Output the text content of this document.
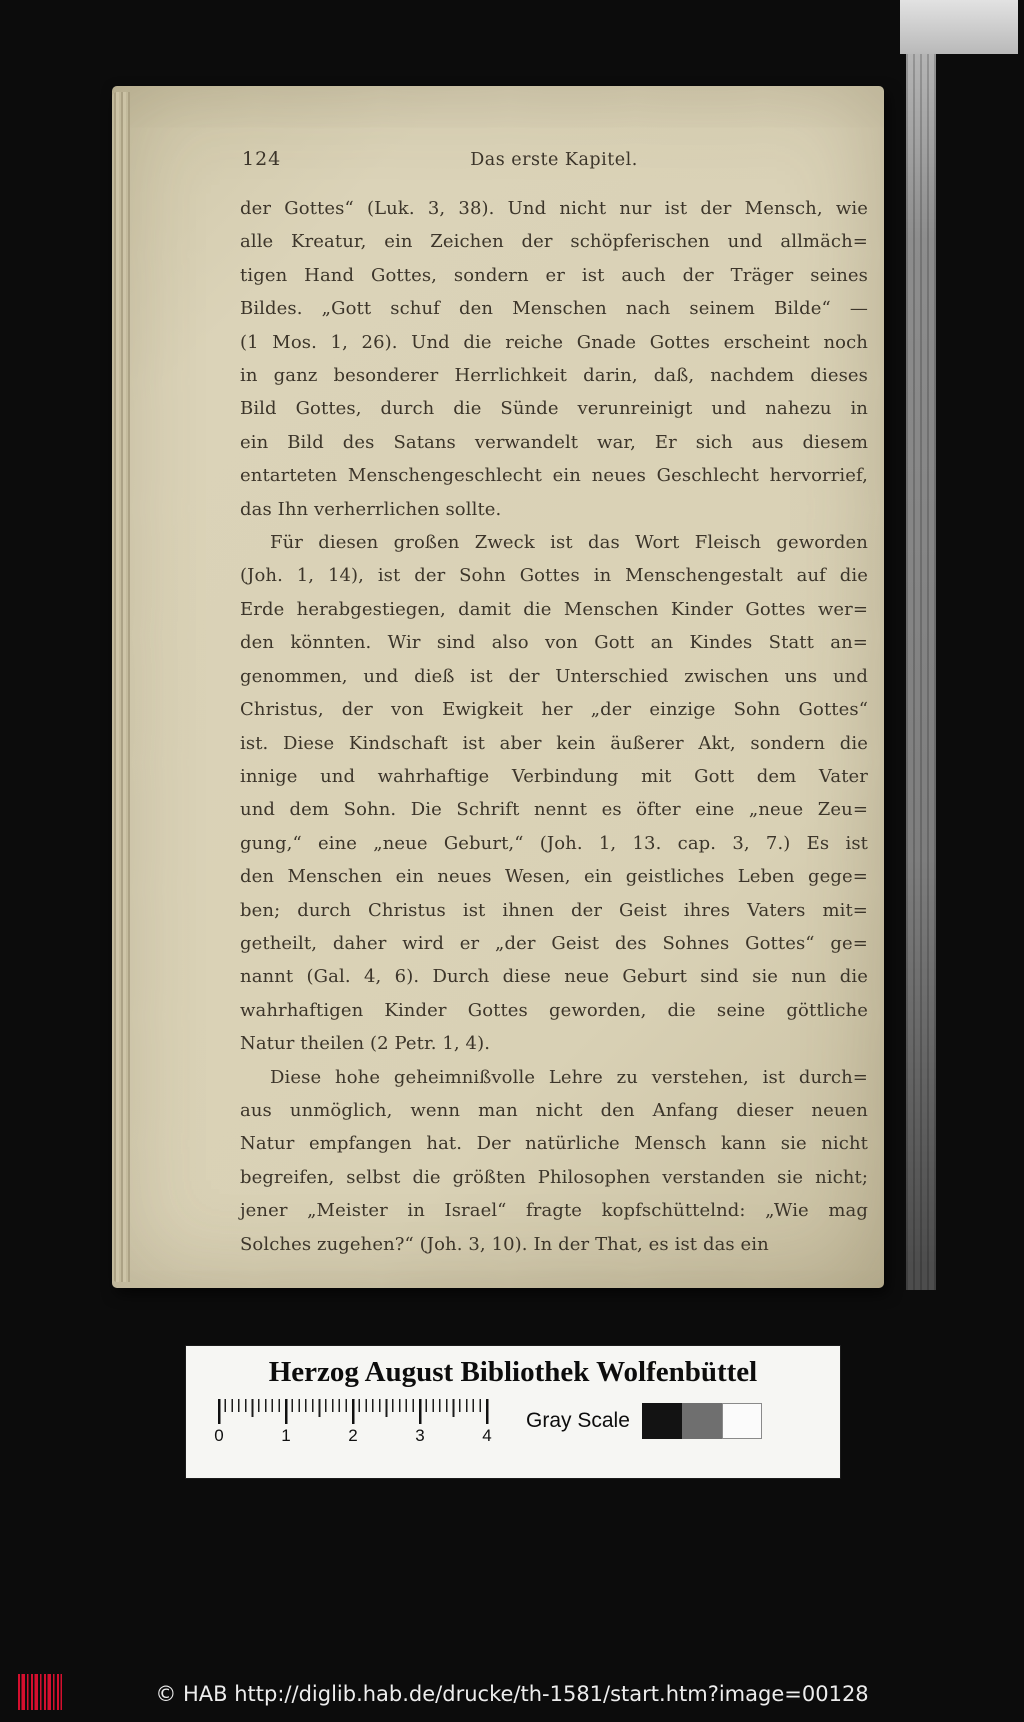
124	Das erste Kapitel.
der Gottes“ (Luk. 3, 38). Und nicht nur ist der Mensch, wie
alle Kreatur, ein Zeichen der schöpferischen und allmäch=
tigen Hand Gottes, sondern er ist auch der Träger seines
Bildes. „Gott schuf den Menschen nach seinem Bilde“ —
(1 Mos. 1, 26). Und die reiche Gnade Gottes erscheint noch
in ganz besonderer Herrlichkeit darin, daß, nachdem dieses
Bild Gottes, durch die Sünde verunreinigt und nahezu in
ein Bild des Satans verwandelt war, Er sich aus diesem
entarteten Menschengeschlecht ein neues Geschlecht hervorrief,
das Ihn verherrlichen sollte.
Für diesen großen Zweck ist das Wort Fleisch geworden
(Joh. 1, 14), ist der Sohn Gottes in Menschengestalt auf die
Erde herabgestiegen, damit die Menschen Kinder Gottes wer=
den könnten. Wir sind also von Gott an Kindes Statt an=
genommen, und dieß ist der Unterschied zwischen uns und
Christus, der von Ewigkeit her „der einzige Sohn Gottes“
ist. Diese Kindschaft ist aber kein äußerer Akt, sondern die
innige und wahrhaftige Verbindung mit Gott dem Vater
und dem Sohn. Die Schrift nennt es öfter eine „neue Zeu=
gung,“ eine „neue Geburt,“ (Joh. 1, 13. cap. 3, 7.) Es ist
den Menschen ein neues Wesen, ein geistliches Leben gege=
ben; durch Christus ist ihnen der Geist ihres Vaters mit=
getheilt, daher wird er „der Geist des Sohnes Gottes“ ge=
nannt (Gal. 4, 6). Durch diese neue Geburt sind sie nun die
wahrhaftigen Kinder Gottes geworden, die seine göttliche
Natur theilen (2 Petr. 1, 4).
Diese hohe geheimnißvolle Lehre zu verstehen, ist durch=
aus unmöglich, wenn man nicht den Anfang dieser neuen
Natur empfangen hat. Der natürliche Mensch kann sie nicht
begreifen, selbst die größten Philosophen verstanden sie nicht;
jener „Meister in Israel“ fragte kopfschüttelnd: „Wie mag
Solches zugehen?“ (Joh. 3, 10). In der That, es ist das ein
Herzog August Bibliothek Wolfenbüttel
0	1	2	3	4
Gray Scale
© HAB http://diglib.hab.de/drucke/th-1581/start.htm?image=00128
